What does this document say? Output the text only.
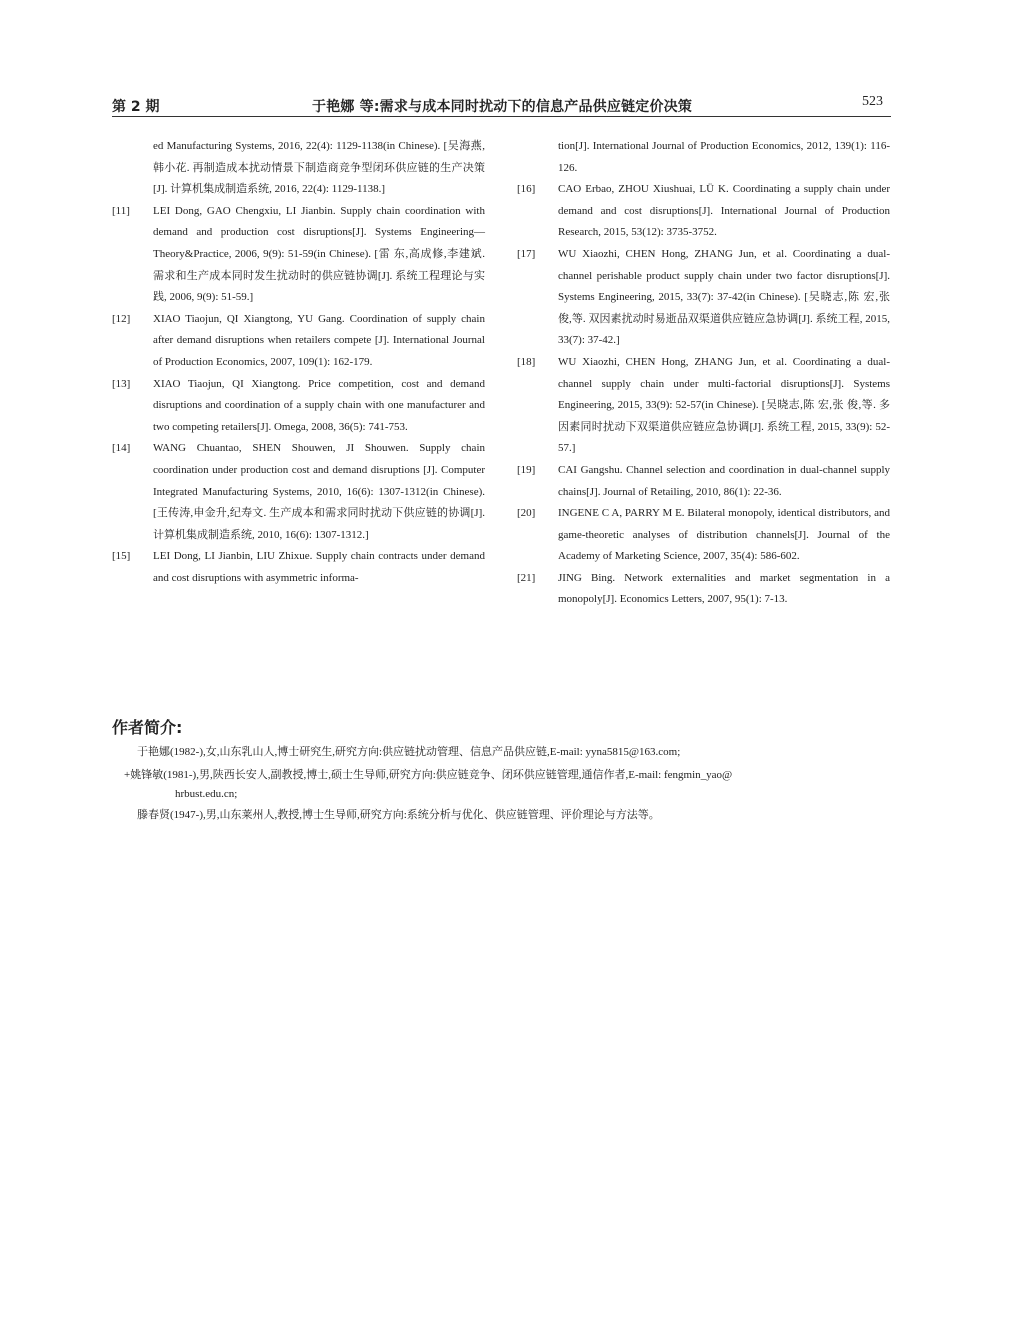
第 2 期	于艳娜 等:需求与成本同时扰动下的信息产品供应链定价决策	523
ed Manufacturing Systems, 2016, 22(4): 1129-1138(in Chinese). [吴海燕,韩小花. 再制造成本扰动情景下制造商竞争型闭环供应链的生产决策[J]. 计算机集成制造系统, 2016, 22(4): 1129-1138.]
[11] LEI Dong, GAO Chengxiu, LI Jianbin. Supply chain coordination with demand and production cost disruptions[J]. Systems Engineering—Theory&Practice, 2006, 9(9): 51-59(in Chinese). [雷 东,高成修,李建斌. 需求和生产成本同时发生扰动时的供应链协调[J]. 系统工程理论与实践, 2006, 9(9): 51-59.]
[12] XIAO Tiaojun, QI Xiangtong, YU Gang. Coordination of supply chain after demand disruptions when retailers compete [J]. International Journal of Production Economics, 2007, 109(1): 162-179.
[13] XIAO Tiaojun, QI Xiangtong. Price competition, cost and demand disruptions and coordination of a supply chain with one manufacturer and two competing retailers[J]. Omega, 2008, 36(5): 741-753.
[14] WANG Chuantao, SHEN Shouwen, JI Shouwen. Supply chain coordination under production cost and demand disruptions [J]. Computer Integrated Manufacturing Systems, 2010, 16(6): 1307-1312(in Chinese). [王传涛,申金升,纪寿文. 生产成本和需求同时扰动下供应链的协调[J]. 计算机集成制造系统, 2010, 16(6): 1307-1312.]
[15] LEI Dong, LI Jianbin, LIU Zhixue. Supply chain contracts under demand and cost disruptions with asymmetric informa-
tion[J]. International Journal of Production Economics, 2012, 139(1): 116-126.
[16] CAO Erbao, ZHOU Xiushuai, LÜ K. Coordinating a supply chain under demand and cost disruptions[J]. International Journal of Production Research, 2015, 53(12): 3735-3752.
[17] WU Xiaozhi, CHEN Hong, ZHANG Jun, et al. Coordinating a dual-channel perishable product supply chain under two factor disruptions[J]. Systems Engineering, 2015, 33(7): 37-42(in Chinese). [吴晓志,陈 宏,张 俊,等. 双因素扰动时易逝品双渠道供应链应急协调[J]. 系统工程, 2015, 33(7): 37-42.]
[18] WU Xiaozhi, CHEN Hong, ZHANG Jun, et al. Coordinating a dual-channel supply chain under multi-factorial disruptions[J]. Systems Engineering, 2015, 33(9): 52-57(in Chinese). [吴晓志,陈 宏,张 俊,等. 多因素同时扰动下双渠道供应链应急协调[J]. 系统工程, 2015, 33(9): 52-57.]
[19] CAI Gangshu. Channel selection and coordination in dual-channel supply chains[J]. Journal of Retailing, 2010, 86(1): 22-36.
[20] INGENE C A, PARRY M E. Bilateral monopoly, identical distributors, and game-theoretic analyses of distribution channels[J]. Journal of the Academy of Marketing Science, 2007, 35(4): 586-602.
[21] JING Bing. Network externalities and market segmentation in a monopoly[J]. Economics Letters, 2007, 95(1): 7-13.
作者简介:
于艳娜(1982-),女,山东乳山人,博士研究生,研究方向:供应链扰动管理、信息产品供应链,E-mail: yyna5815@163.com;
+姚锋敏(1981-),男,陕西长安人,副教授,博士,硕士生导师,研究方向:供应链竞争、闭环供应链管理,通信作者,E-mail: fengmin_yao@
hrbust.edu.cn;
滕春贤(1947-),男,山东莱州人,教授,博士生导师,研究方向:系统分析与优化、供应链管理、评价理论与方法等。
